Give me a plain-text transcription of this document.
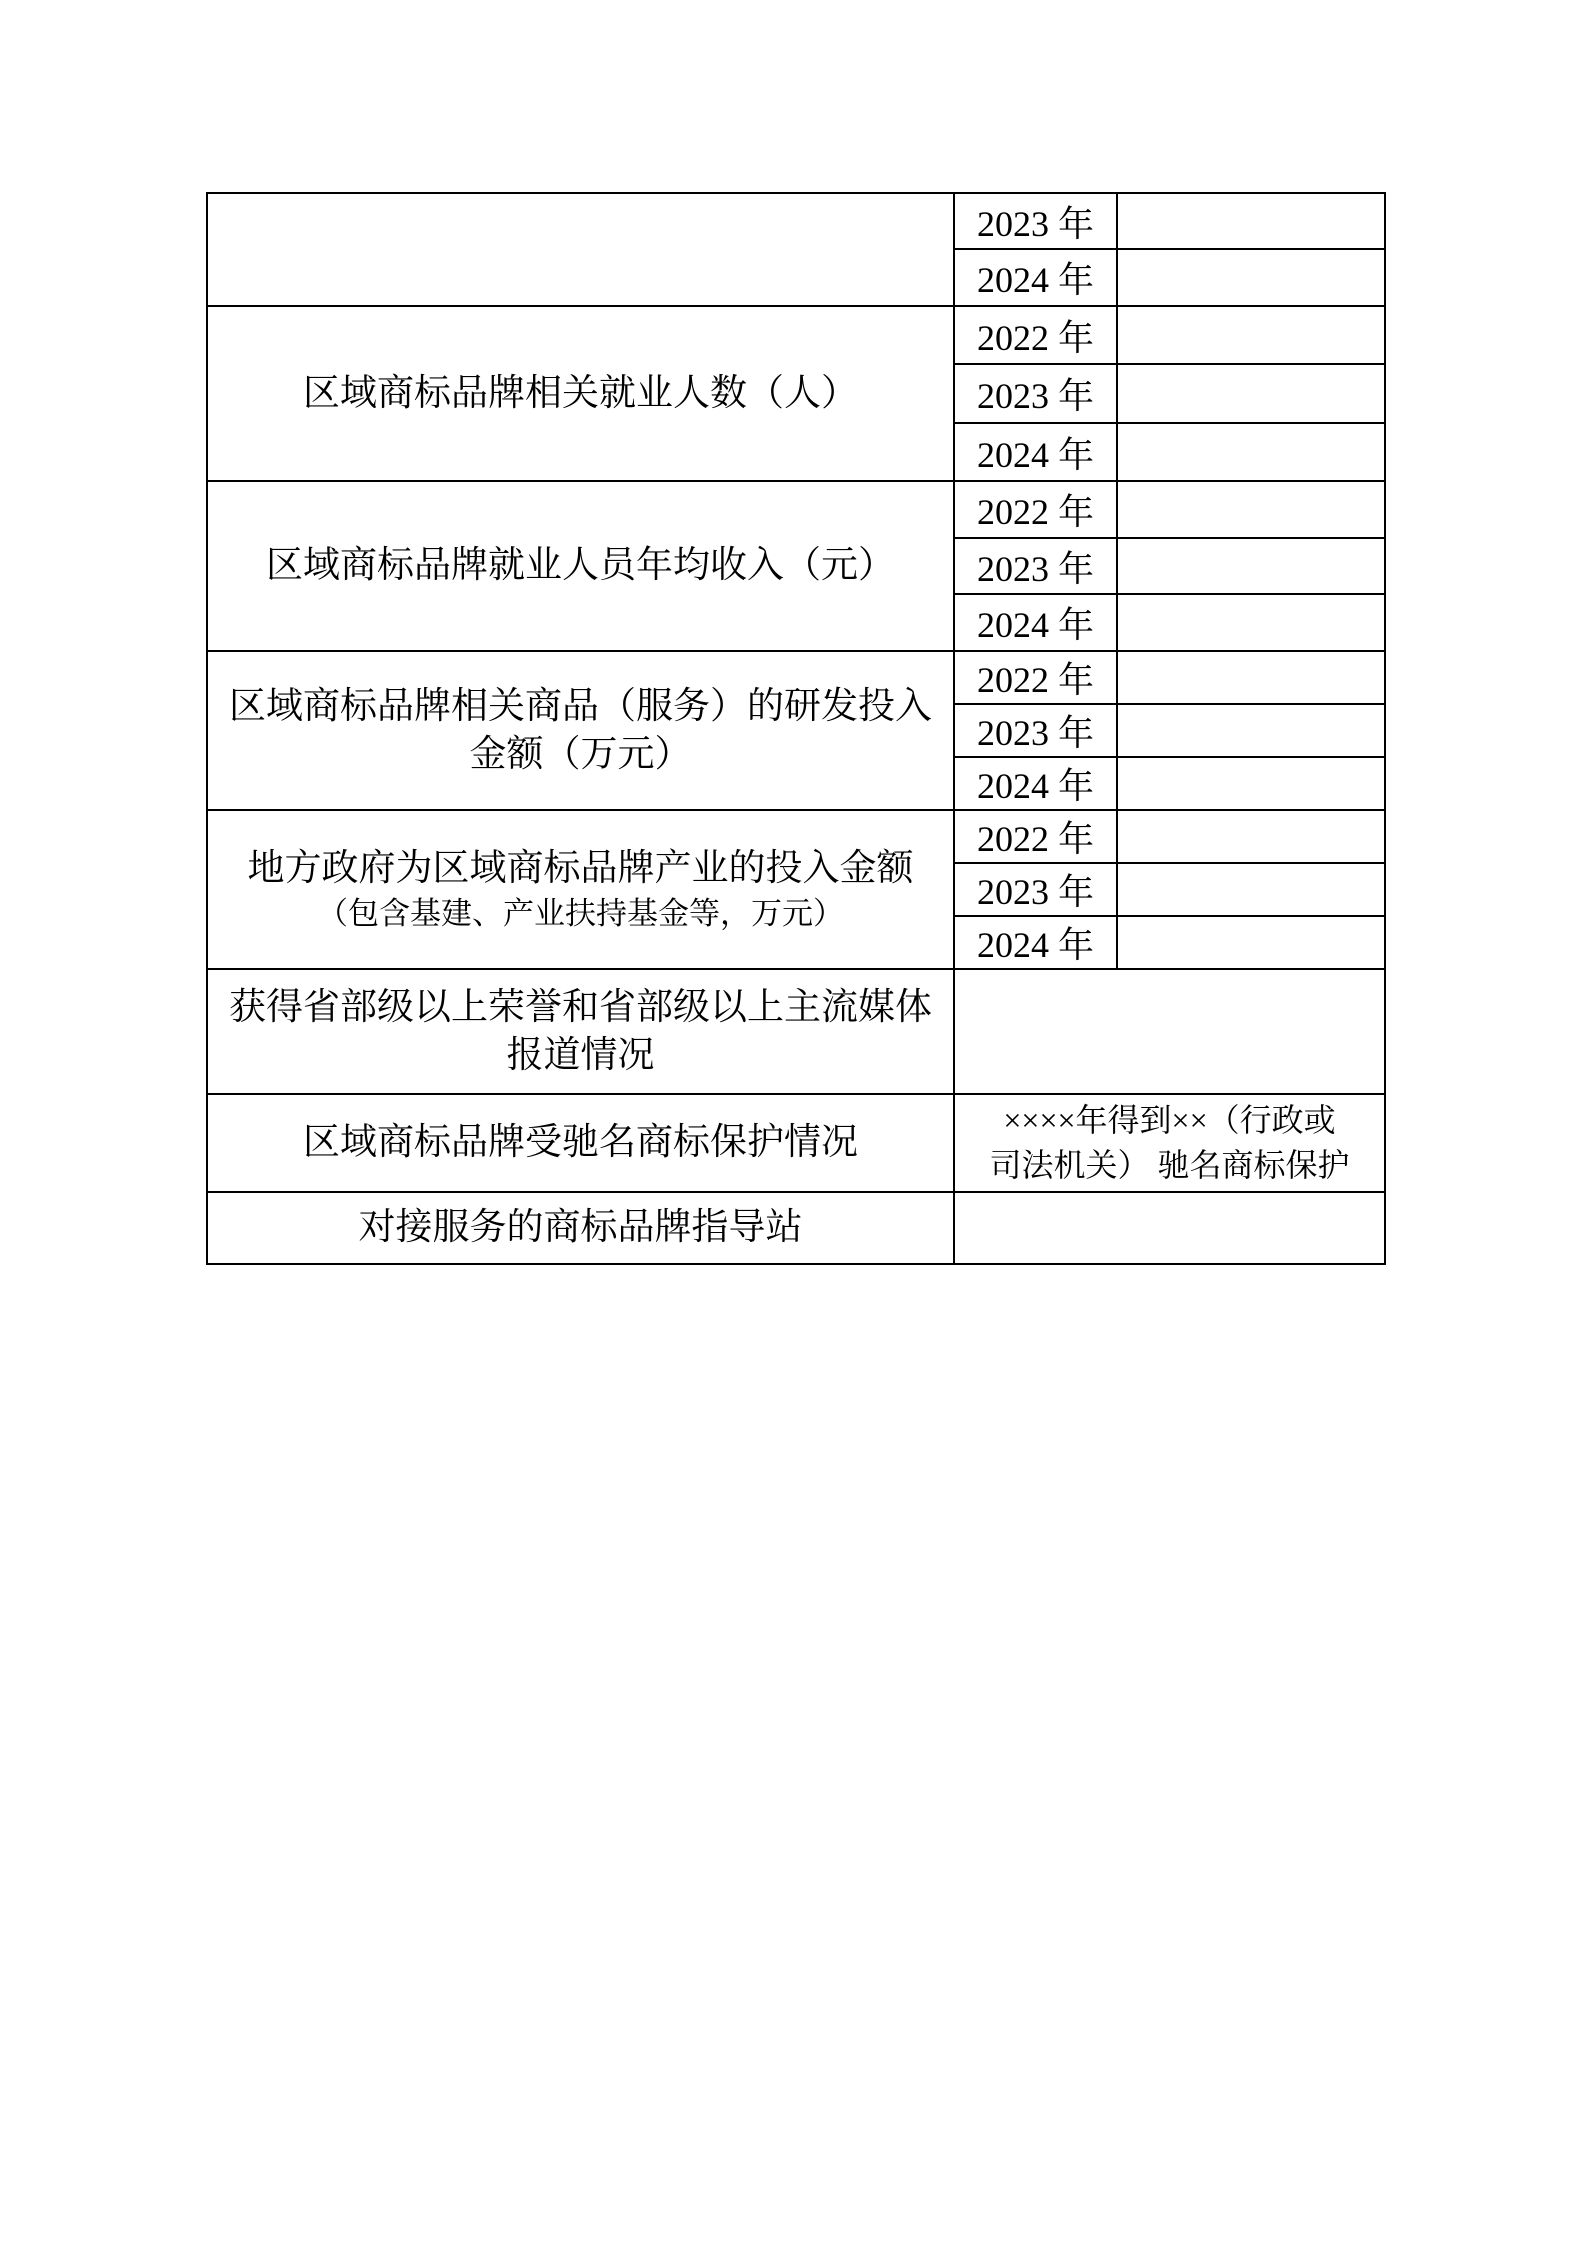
	2023 年	
	2024 年	

区域商标品牌相关就业人数（人）	2022 年	
	2023 年	
	2024 年	

区域商标品牌就业人员年均收入（元）	2022 年	
	2023 年	
	2024 年	

区域商标品牌相关商品（服务）的研发投入
金额（万元）	2022 年	
	2023 年	
	2024 年	

地方政府为区域商标品牌产业的投入金额
（包含基建、产业扶持基金等，万元）	2022 年	
	2023 年	
	2024 年	

获得省部级以上荣誉和省部级以上主流媒体
报道情况		

区域商标品牌受驰名商标保护情况	××××年得到××（行政或
司法机关） 驰名商标保护	

对接服务的商标品牌指导站		
